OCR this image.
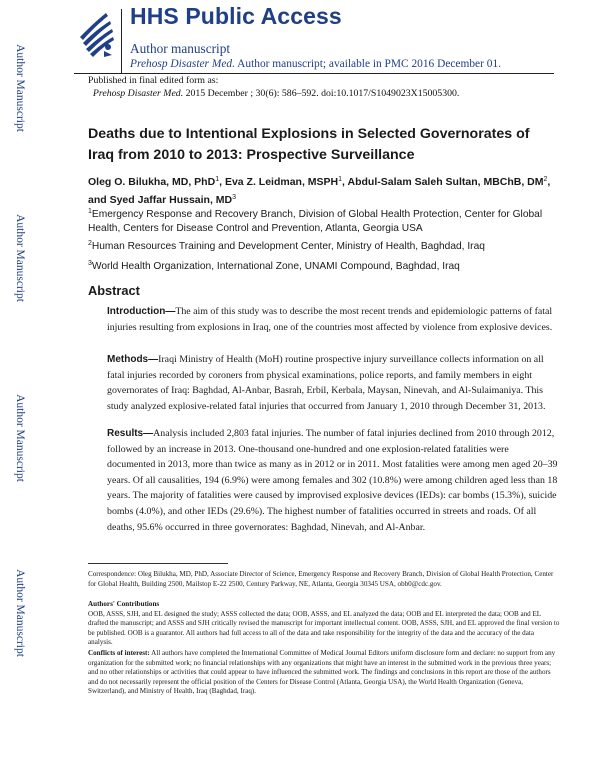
HHS Public Access
Author manuscript
Prehosp Disaster Med. Author manuscript; available in PMC 2016 December 01.
Author Manuscript
Author Manuscript
Author Manuscript
Author Manuscript
Published in final edited form as:
Prehosp Disaster Med. 2015 December ; 30(6): 586–592. doi:10.1017/S1049023X15005300.
Deaths due to Intentional Explosions in Selected Governorates of Iraq from 2010 to 2013: Prospective Surveillance
Oleg O. Bilukha, MD, PhD$^1$, Eva Z. Leidman, MSPH$^1$, Abdul-Salam Saleh Sultan, MBChB, $DM^2$, and Syed Jaffar Hussain, $MD^3$
$^1$Emergency Response and Recovery Branch, Division of Global Health Protection, Center for Global Health, Centers for Disease Control and Prevention, Atlanta, Georgia USA
$^2$Human Resources Training and Development Center, Ministry of Health, Baghdad, Iraq
$^3$World Health Organization, International Zone, UNAMI Compound, Baghdad, Iraq
Abstract

Introduction—The aim of this study was to describe the most recent trends and epidemiologic patterns of fatal injuries resulting from explosions in Iraq, one of the countries most affected by violence from explosive devices.

Methods—Iraqi Ministry of Health (MoH) routine prospective injury surveillance collects information on all fatal injuries recorded by coroners from physical examinations, police reports, and family members in eight governorates of Iraq: Baghdad, Al-Anbar, Basrah, Erbil, Kerbala, Maysan, Ninevah, and Al-Sulaimaniya. This study analyzed explosive-related fatal injuries that occurred from January 1, 2010 through December 31, 2013.

Results—Analysis included 2,803 fatal injuries. The number of fatal injuries declined from 2010 through 2012, followed by an increase in 2013. One-thousand one-hundred and one explosion-related fatalities were documented in 2013, more than twice as many as in 2012 or in 2011. Most fatalities were among men aged 20–39 years. Of all causalities, 194 (6.9%) were among females and 302 (10.8%) were among children aged less than 18 years. The majority of fatalities were caused by improvised explosive devices (IEDs): car bombs (15.3%), suicide bombs (4.0%), and other IEDs (29.6%). The highest number of fatalities occurred in streets and roads. Of all deaths, 95.6% occurred in three governorates: Baghdad, Ninevah, and Al-Anbar.

Correspondence: Oleg Bilukha, MD, PhD, Associate Director of Science, Emergency Response and Recovery Branch, Division of Global Health Protection, Center for Global Health, Building 2500, Mailstop E-22 2500, Century Parkway, NE, Atlanta, Georgia 30345 USA, obb0@cdc.gov.

Authors' Contributions
OOB, ASSS, SJH, and EL designed the study; ASSS collected the data; OOB, ASSS, and EL analyzed the data; OOB and EL interpreted the data; OOB and EL drafted the manuscript; and ASSS and SJH critically revised the manuscript for important intellectual content. OOB, ASSS, SJH, and EL approved the final version to be published. OOB is a guarantor. All authors had full access to all of the data and take responsibility for the integrity of the data and the accuracy of the data analysis.

Conflicts of interest: All authors have completed the International Committee of Medical Journal Editors uniform disclosure form and declare: no support from any organization for the submitted work; no financial relationships with any organizations that might have an interest in the submitted work in the previous three years; and no other relationships or activities that could appear to have influenced the submitted work. The findings and conclusions in this report are those of the authors and do not necessarily represent the official position of the Centers for Disease Control (Atlanta, Georgia USA), the World Health Organization (Geneva, Switzerland), and Ministry of Health, Iraq (Baghdad, Iraq).
